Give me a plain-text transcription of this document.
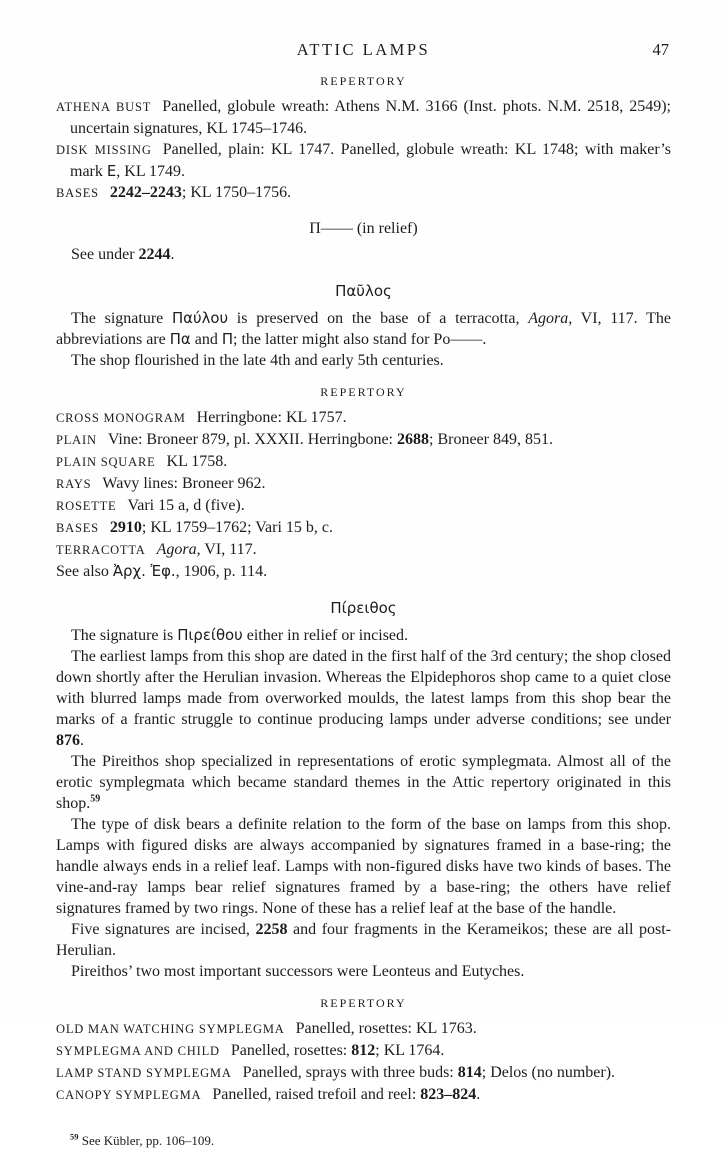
ATTIC LAMPS	47
REPERTORY
ATHENA BUST Panelled, globule wreath: Athens N.M. 3166 (Inst. phots. N.M. 2518, 2549); uncertain signatures, KL 1745–1746.
DISK MISSING Panelled, plain: KL 1747. Panelled, globule wreath: KL 1748; with maker’s mark E, KL 1749.
BASES 2242–2243; KL 1750–1756.
Π—— (in relief)
See under 2244.
Παῦλος

The signature Παύλου is preserved on the base of a terracotta, Agora, VI, 117. The abbreviations are Πα and Π; the latter might also stand for Po——.

The shop flourished in the late 4th and early 5th centuries.

REPERTORY
CROSS MONOGRAM Herringbone: KL 1757.
PLAIN Vine: Broneer 879, pl. XXXII. Herringbone: 2688; Broneer 849, 851.
PLAIN SQUARE KL 1758.
RAYS Wavy lines: Broneer 962.
ROSETTE Vari 15 a, d (five).
BASES 2910; KL 1759–1762; Vari 15 b, c.
TERRACOTTA Agora, VI, 117.
See also Ἀρχ. Ἐφ., 1906, p. 114.
Πίρειθος

The signature is Πιρείθου either in relief or incised.

The earliest lamps from this shop are dated in the first half of the 3rd century; the shop closed down shortly after the Herulian invasion. Whereas the Elpidephoros shop came to a quiet close with blurred lamps made from overworked moulds, the latest lamps from this shop bear the marks of a frantic struggle to continue producing lamps under adverse conditions; see under 876.

The Pireithos shop specialized in representations of erotic symplegmata. Almost all of the erotic symplegmata which became standard themes in the Attic repertory originated in this shop.$^{59}$

The type of disk bears a definite relation to the form of the base on lamps from this shop. Lamps with figured disks are always accompanied by signatures framed in a base-ring; the handle always ends in a relief leaf. Lamps with non-figured disks have two kinds of bases. The vine-and-ray lamps bear relief signatures framed by a base-ring; the others have relief signatures framed by two rings. None of these has a relief leaf at the base of the handle.

Five signatures are incised, 2258 and four fragments in the Kerameikos; these are all post-Herulian.

Pireithos’ two most important successors were Leonteus and Eutyches.

REPERTORY
OLD MAN WATCHING SYMPLEGMA Panelled, rosettes: KL 1763.
SYMPLEGMA AND CHILD Panelled, rosettes: 812; KL 1764.
LAMP STAND SYMPLEGMA Panelled, sprays with three buds: 814; Delos (no number).
CANOPY SYMPLEGMA Panelled, raised trefoil and reel: 823–824.
$^{59}$ See Kübler, pp. 106–109.
